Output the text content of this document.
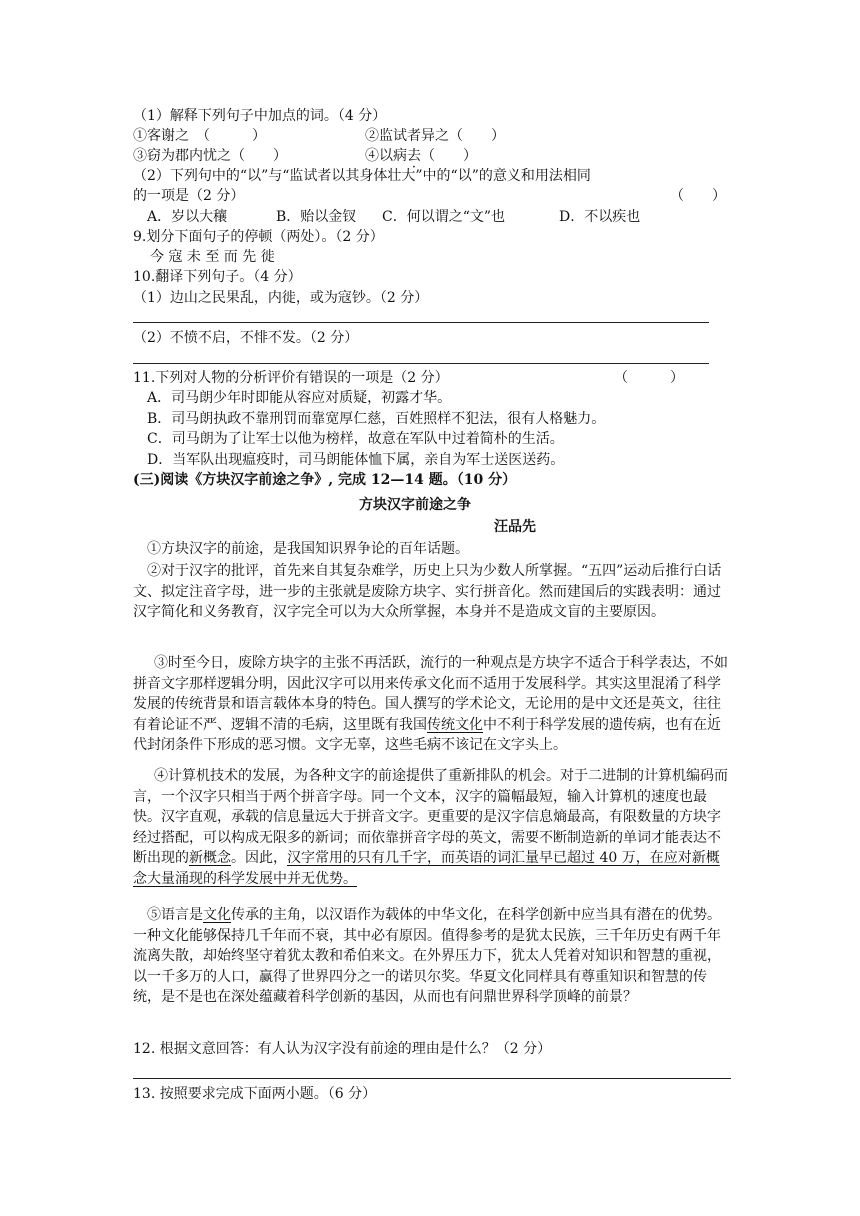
（1）解释下列句子中加点的词。（4 分）
①客谢之　（　　　）	②监试者异之（　　）
③窃为郡内忧之（　　）	④以病去（　　）
（2）下列句中的“以”与“监试者以其身体壮大”中的“以”的意义和用法相同
的一项是（2 分）	（　　）
A．岁以大穰	B．贻以金钗 C．何以谓之“文”也	D．不以疾也
9.划分下面句子的停顿（两处）。（2 分）
今 寇 未 至 而 先 徙
10.翻译下列句子。（4 分）
（1）边山之民果乱，内徙，或为寇钞。（2 分）
（2）不愤不启，不悱不发。（2 分）
11.下列对人物的分析评价有错误的一项是（2 分）	（　　　）
A．司马朗少年时即能从容应对质疑，初露才华。
B．司马朗执政不靠刑罚而靠宽厚仁慈，百姓照样不犯法，很有人格魅力。
C．司马朗为了让军士以他为榜样，故意在军队中过着简朴的生活。
D．当军队出现瘟疫时，司马朗能体恤下属，亲自为军士送医送药。
(三)阅读《方块汉字前途之争》, 完成 12—14 题。（10 分）
方块汉字前途之争
汪品先
①方块汉字的前途，是我国知识界争论的百年话题。
②对于汉字的批评，首先来自其复杂难学，历史上只为少数人所掌握。“五四”运动后推行白话文、拟定注音字母，进一步的主张就是废除方块字、实行拼音化。然而建国后的实践表明：通过汉字简化和义务教育，汉字完全可以为大众所掌握，本身并不是造成文盲的主要原因。
③时至今日，废除方块字的主张不再活跃，流行的一种观点是方块字不适合于科学表达，不如拼音文字那样逻辑分明，因此汉字可以用来传承文化而不适用于发展科学。其实这里混淆了科学发展的传统背景和语言载体本身的特色。国人撰写的学术论文，无论用的是中文还是英文，往往有着论证不严、逻辑不清的毛病，这里既有我国传统文化中不利于科学发展的遗传病，也有在近代封闭条件下形成的恶习惯。文字无辜，这些毛病不该记在文字头上。
④计算机技术的发展，为各种文字的前途提供了重新排队的机会。对于二进制的计算机编码而言，一个汉字只相当于两个拼音字母。同一个文本，汉字的篇幅最短，输入计算机的速度也最快。汉字直观，承载的信息量远大于拼音文字。更重要的是汉字信息熵最高，有限数量的方块字经过搭配，可以构成无限多的新词；而依靠拼音字母的英文，需要不断制造新的单词才能表达不断出现的新概念。因此，汉字常用的只有几千字，而英语的词汇量早已超过 40 万，在应对新概念大量涌现的科学发展中并无优势。
⑤语言是文化传承的主角，以汉语作为载体的中华文化，在科学创新中应当具有潜在的优势。一种文化能够保持几千年而不衰，其中必有原因。值得参考的是犹太民族，三千年历史有两千年流离失散，却始终坚守着犹太教和希伯来文。在外界压力下，犹太人凭着对知识和智慧的重视，以一千多万的人口，赢得了世界四分之一的诺贝尔奖。华夏文化同样具有尊重知识和智慧的传统，是不是也在深处蕴藏着科学创新的基因，从而也有问鼎世界科学顶峰的前景？
12. 根据文意回答：有人认为汉字没有前途的理由是什么？（2 分）
13. 按照要求完成下面两小题。（6 分）
